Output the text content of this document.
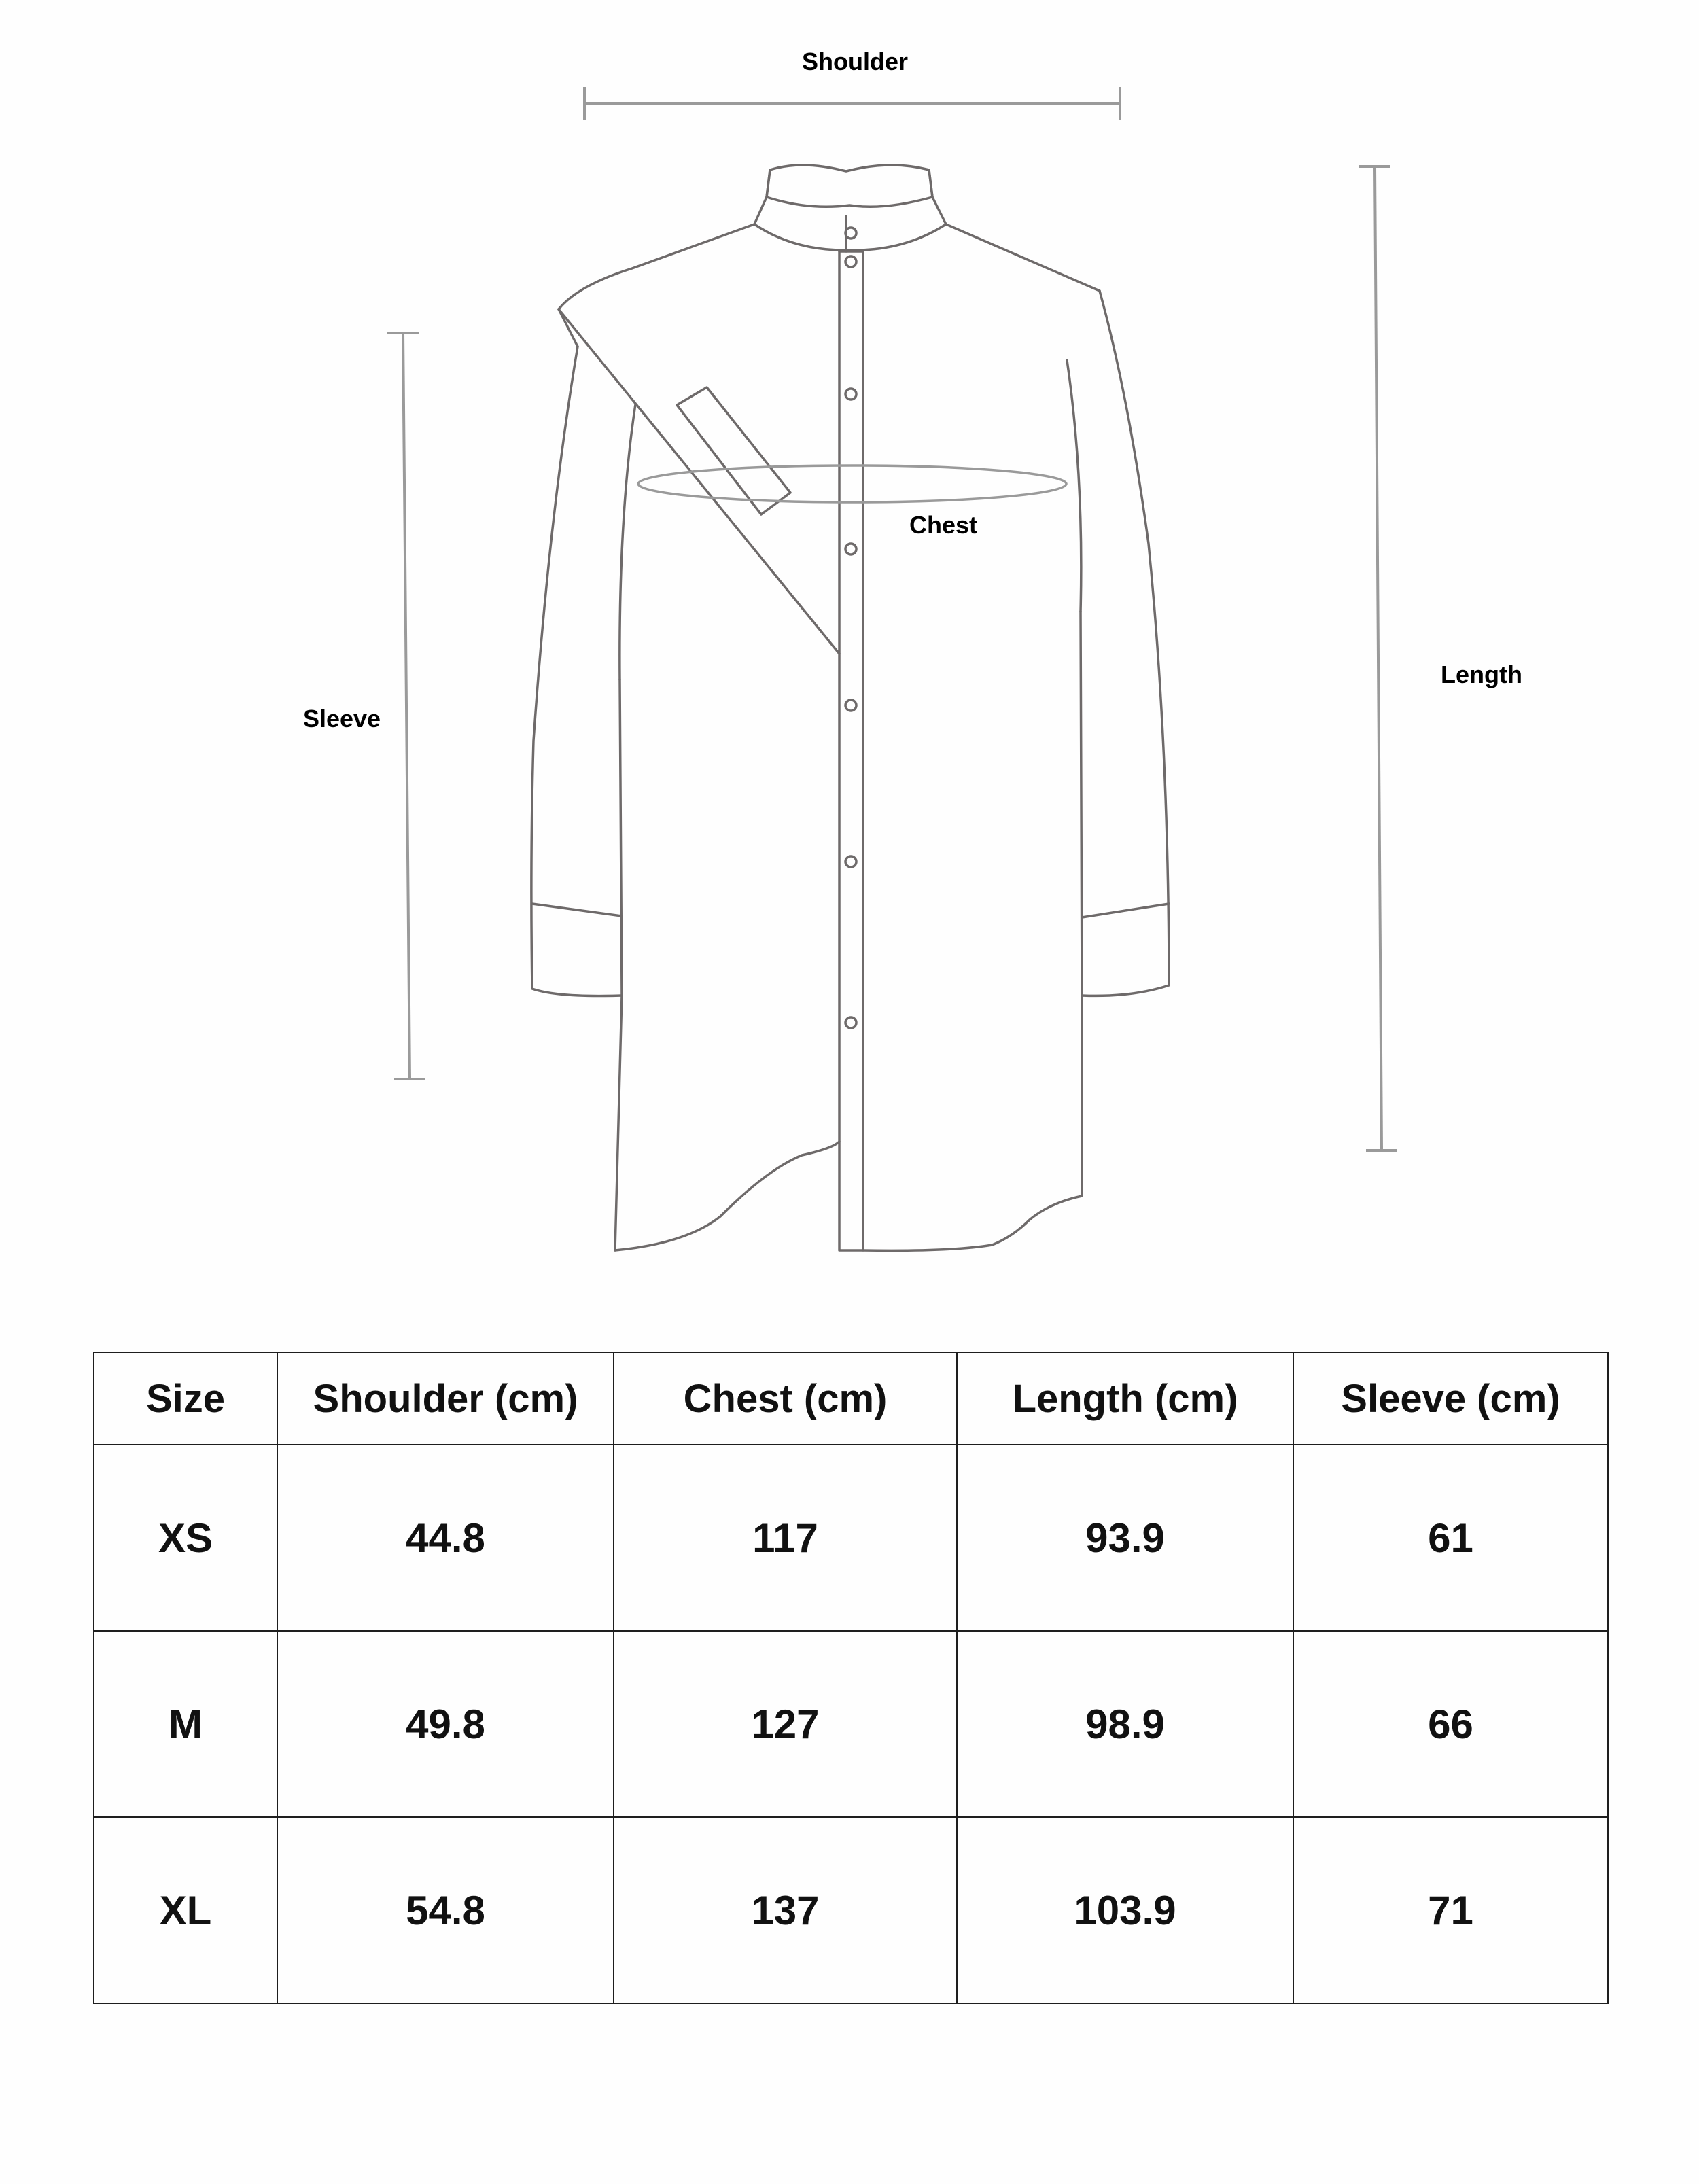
Shoulder
Sleeve
Length
Chest
Size	Shoulder (cm)	Chest (cm)	Length (cm)	Sleeve (cm)
XS	44.8	117	93.9	61
M	49.8	127	98.9	66
XL	54.8	137	103.9	71
